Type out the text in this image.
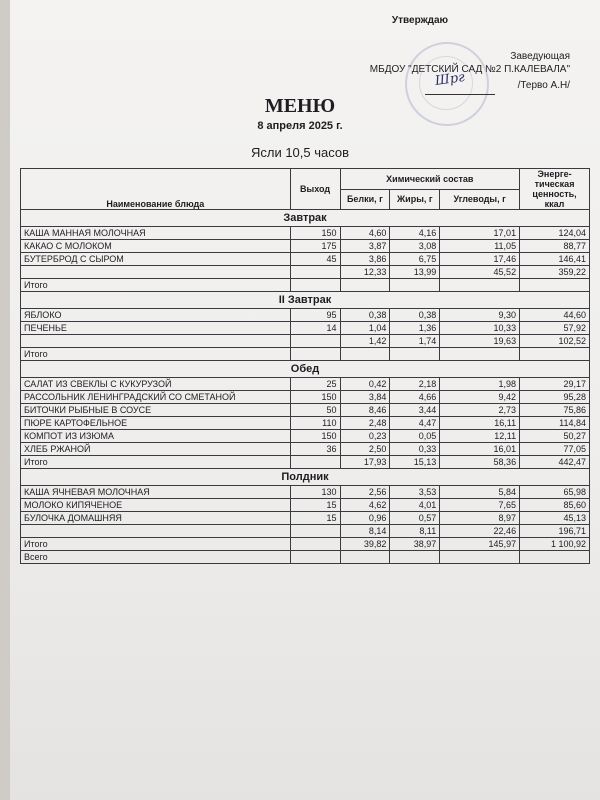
Утверждаю
Заведующая
МБДОУ "ДЕТСКИЙ САД №2 П.КАЛЕВАЛА"
/Терво А.Н/
Шрг
МЕНЮ
8 апреля 2025 г.
Ясли 10,5 часов
Наименование блюда	Выход	Химический состав			Энерге-тическая ценность, ккал
		Белки, г	Жиры, г	Углеводы, г	
Завтрак					
КАША МАННАЯ МОЛОЧНАЯ	150	4,60	4,16	17,01	124,04
КАКАО С МОЛОКОМ	175	3,87	3,08	11,05	88,77
БУТЕРБРОД С СЫРОМ	45	3,86	6,75	17,46	146,41
		12,33	13,99	45,52	359,22
Итого					
II Завтрак					
ЯБЛОКО	95	0,38	0,38	9,30	44,60
ПЕЧЕНЬЕ	14	1,04	1,36	10,33	57,92
		1,42	1,74	19,63	102,52
Итого					
Обед					
САЛАТ ИЗ СВЕКЛЫ С КУКУРУЗОЙ	25	0,42	2,18	1,98	29,17
РАССОЛЬНИК ЛЕНИНГРАДСКИЙ СО СМЕТАНОЙ	150	3,84	4,66	9,42	95,28
БИТОЧКИ РЫБНЫЕ В СОУСЕ	50	8,46	3,44	2,73	75,86
ПЮРЕ КАРТОФЕЛЬНОЕ	110	2,48	4,47	16,11	114,84
КОМПОТ ИЗ ИЗЮМА	150	0,23	0,05	12,11	50,27
ХЛЕБ РЖАНОЙ	36	2,50	0,33	16,01	77,05
Итого		17,93	15,13	58,36	442,47
Полдник					
КАША ЯЧНЕВАЯ МОЛОЧНАЯ	130	2,56	3,53	5,84	65,98
МОЛОКО КИПЯЧЕНОЕ	15	4,62	4,01	7,65	85,60
БУЛОЧКА ДОМАШНЯЯ	15	0,96	0,57	8,97	45,13
		8,14	8,11	22,46	196,71
Итого		39,82	38,97	145,97	1 100,92
Всего					
